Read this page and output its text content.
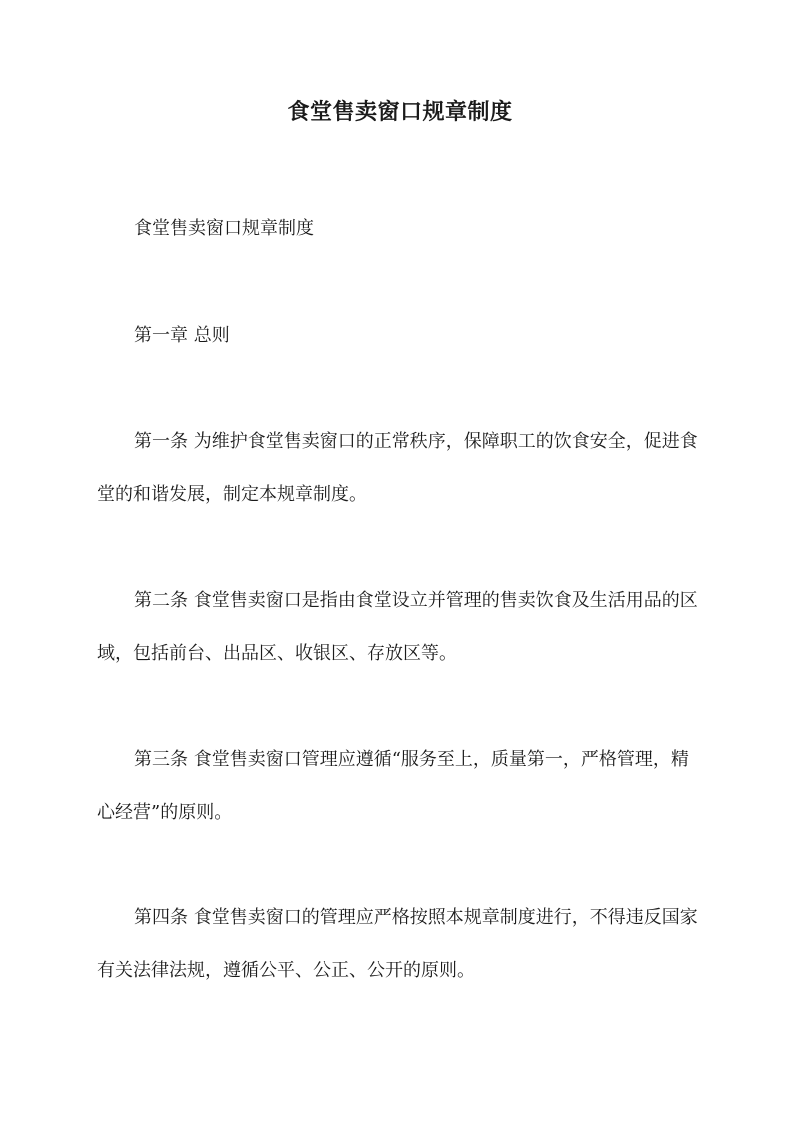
食堂售卖窗口规章制度
食堂售卖窗口规章制度
第一章 总则
第一条 为维护食堂售卖窗口的正常秩序，保障职工的饮食安全，促进食堂的和谐发展，制定本规章制度。
第二条 食堂售卖窗口是指由食堂设立并管理的售卖饮食及生活用品的区域，包括前台、出品区、收银区、存放区等。
第三条 食堂售卖窗口管理应遵循“服务至上，质量第一，严格管理，精心经营”的原则。
第四条 食堂售卖窗口的管理应严格按照本规章制度进行，不得违反国家有关法律法规，遵循公平、公正、公开的原则。
